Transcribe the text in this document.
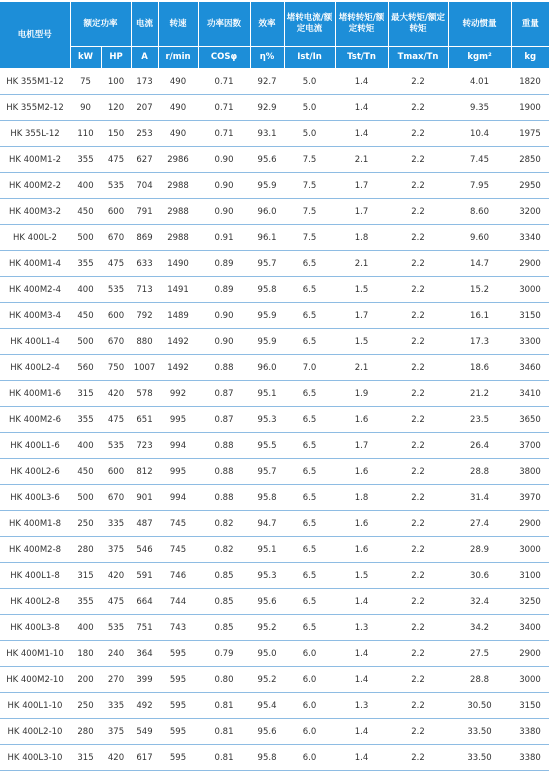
电机型号	额定功率		电流	转速	功率因数	效率	堵转电流/额定电流	堵转转矩/额定转矩	最大转矩/额定转矩	转动惯量	重量
	kW	HP	A	r/min	COSφ	η%	Ist/In	Tst/Tn	Tmax/Tn	kgm²	kg
HK 355M1-12	75	100	173	490	0.71	92.7	5.0	1.4	2.2	4.01	1820
HK 355M2-12	90	120	207	490	0.71	92.9	5.0	1.4	2.2	9.35	1900
HK 355L-12	110	150	253	490	0.71	93.1	5.0	1.4	2.2	10.4	1975
HK 400M1-2	355	475	627	2986	0.90	95.6	7.5	2.1	2.2	7.45	2850
HK 400M2-2	400	535	704	2988	0.90	95.9	7.5	1.7	2.2	7.95	2950
HK 400M3-2	450	600	791	2988	0.90	96.0	7.5	1.7	2.2	8.60	3200
HK 400L-2	500	670	869	2988	0.91	96.1	7.5	1.8	2.2	9.60	3340
HK 400M1-4	355	475	633	1490	0.89	95.7	6.5	2.1	2.2	14.7	2900
HK 400M2-4	400	535	713	1491	0.89	95.8	6.5	1.5	2.2	15.2	3000
HK 400M3-4	450	600	792	1489	0.90	95.9	6.5	1.7	2.2	16.1	3150
HK 400L1-4	500	670	880	1492	0.90	95.9	6.5	1.5	2.2	17.3	3300
HK 400L2-4	560	750	1007	1492	0.88	96.0	7.0	2.1	2.2	18.6	3460
HK 400M1-6	315	420	578	992	0.87	95.1	6.5	1.9	2.2	21.2	3410
HK 400M2-6	355	475	651	995	0.87	95.3	6.5	1.6	2.2	23.5	3650
HK 400L1-6	400	535	723	994	0.88	95.5	6.5	1.7	2.2	26.4	3700
HK 400L2-6	450	600	812	995	0.88	95.7	6.5	1.6	2.2	28.8	3800
HK 400L3-6	500	670	901	994	0.88	95.8	6.5	1.8	2.2	31.4	3970
HK 400M1-8	250	335	487	745	0.82	94.7	6.5	1.6	2.2	27.4	2900
HK 400M2-8	280	375	546	745	0.82	95.1	6.5	1.6	2.2	28.9	3000
HK 400L1-8	315	420	591	746	0.85	95.3	6.5	1.5	2.2	30.6	3100
HK 400L2-8	355	475	664	744	0.85	95.6	6.5	1.4	2.2	32.4	3250
HK 400L3-8	400	535	751	743	0.85	95.2	6.5	1.3	2.2	34.2	3400
HK 400M1-10	180	240	364	595	0.79	95.0	6.0	1.4	2.2	27.5	2900
HK 400M2-10	200	270	399	595	0.80	95.2	6.0	1.4	2.2	28.8	3000
HK 400L1-10	250	335	492	595	0.81	95.4	6.0	1.3	2.2	30.50	3150
HK 400L2-10	280	375	549	595	0.81	95.6	6.0	1.4	2.2	33.50	3380
HK 400L3-10	315	420	617	595	0.81	95.8	6.0	1.4	2.2	33.50	3380
